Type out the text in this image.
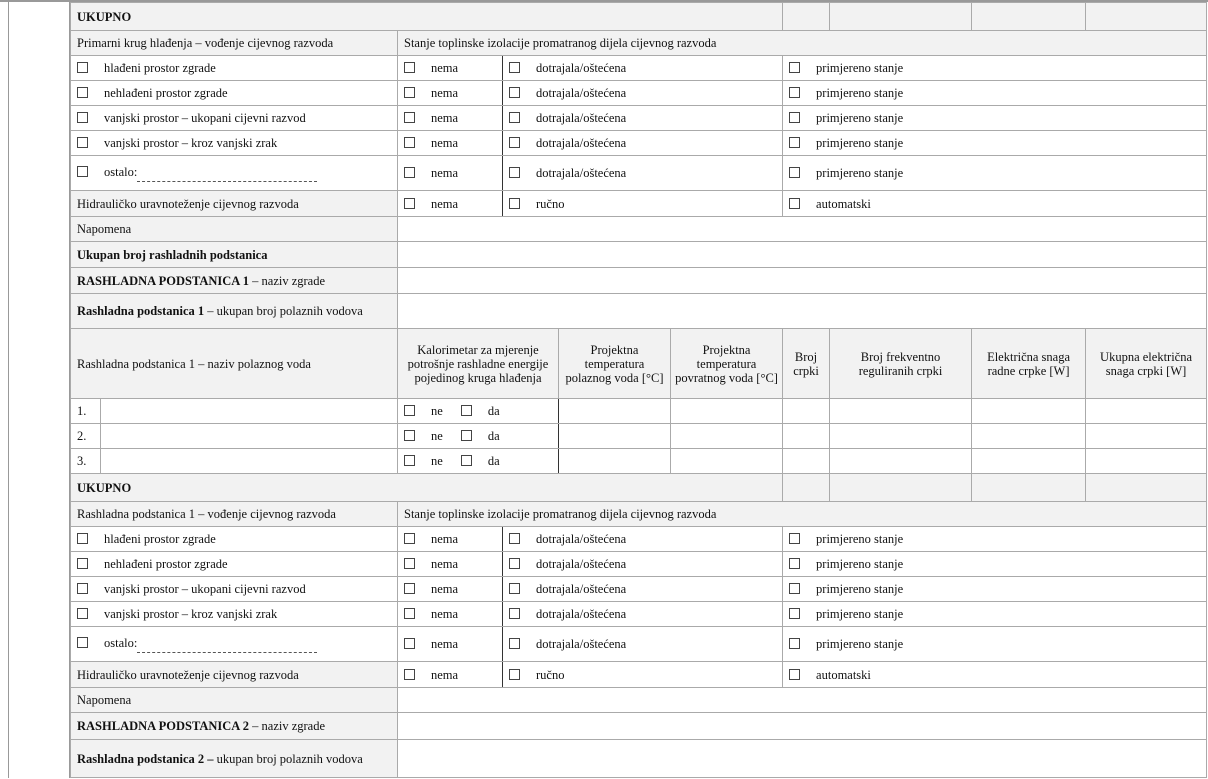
UKUPNO									
Primarni krug hlađenja – vođenje cijevnog razvoda		Stanje toplinske izolacije promatranog dijela cijevnog razvoda							
hlađeni prostor zgrade		nema	dotrajala/oštećena			primjereno stanje			
nehlađeni prostor zgrade		nema	dotrajala/oštećena			primjereno stanje			
vanjski prostor – ukopani cijevni razvod		nema	dotrajala/oštećena			primjereno stanje			
vanjski prostor – kroz vanjski zrak		nema	dotrajala/oštećena			primjereno stanje			
ostalo:		nema	dotrajala/oštećena			primjereno stanje			
Hidrauličko uravnoteženje cijevnog razvoda		nema	ručno			automatski			
Napomena									
Ukupan broj rashladnih podstanica									
RASHLADNA PODSTANICA 1 – naziv zgrade									
Rashladna podstanica 1 – ukupan broj polaznih vodova									
Rashladna podstanica 1 – naziv polaznog voda		Kalorimetar za mjerenje potrošnje rashladne energije pojedinog kruga hlađenja		Projektna temperatura polaznog voda [°C]	Projektna temperatura povratnog voda [°C]	Broj crpki	Broj frekventno reguliranih crpki	Električna snaga radne crpke [W]	Ukupna električna snaga crpki [W]
1.		ne da							
2.		ne da							
3.		ne da							
UKUPNO									
Rashladna podstanica 1 – vođenje cijevnog razvoda		Stanje toplinske izolacije promatranog dijela cijevnog razvoda							
hlađeni prostor zgrade		nema	dotrajala/oštećena			primjereno stanje			
nehlađeni prostor zgrade		nema	dotrajala/oštećena			primjereno stanje			
vanjski prostor – ukopani cijevni razvod		nema	dotrajala/oštećena			primjereno stanje			
vanjski prostor – kroz vanjski zrak		nema	dotrajala/oštećena			primjereno stanje			
ostalo:		nema	dotrajala/oštećena			primjereno stanje			
Hidrauličko uravnoteženje cijevnog razvoda		nema	ručno			automatski			
Napomena									
RASHLADNA PODSTANICA 2 – naziv zgrade									
Rashladna podstanica 2 – ukupan broj polaznih vodova									
